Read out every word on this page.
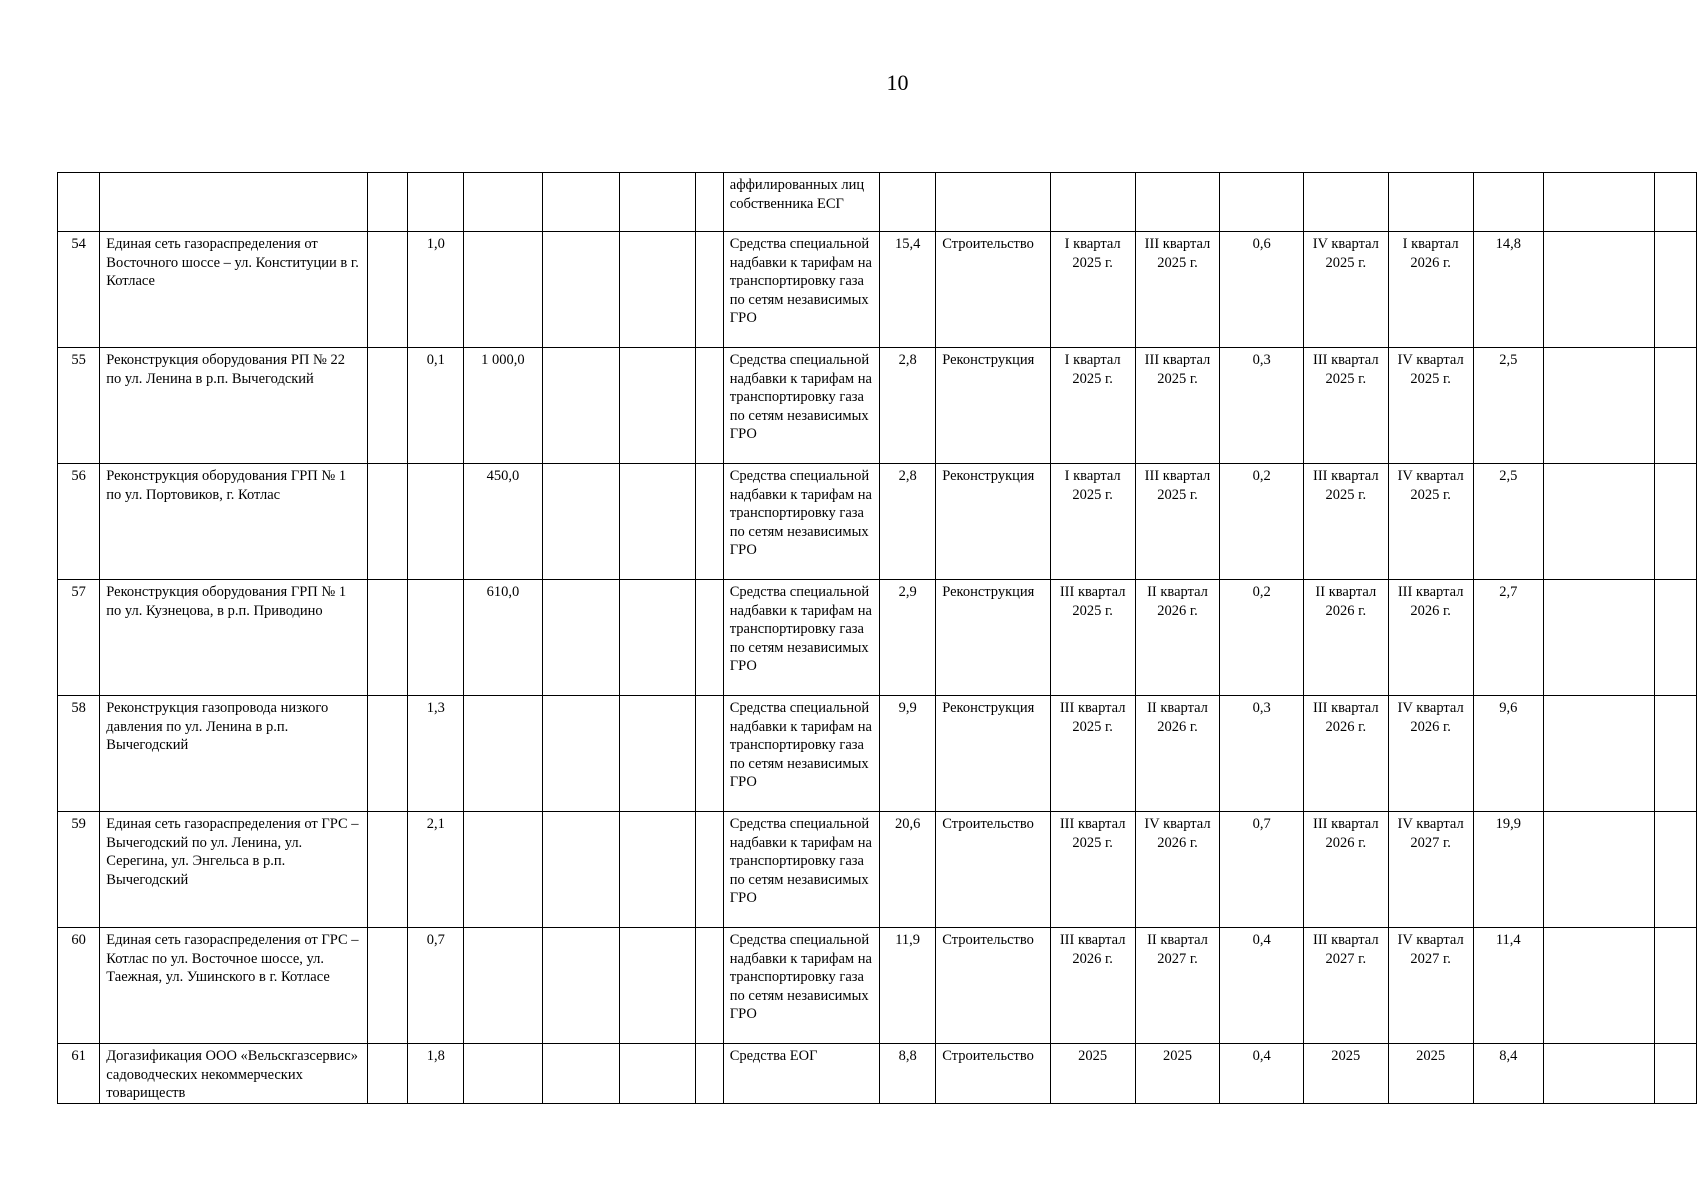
10
								аффилированных лиц собственника ЕСГ										
54	Единая сеть газораспределения от Восточного шоссе – ул. Конституции в г. Котласе		1,0					Средства специальной надбавки к тарифам на транспортировку газа по сетям независимых ГРО	15,4	Строительство	I квартал 2025 г.	III квартал 2025 г.	0,6	IV квартал 2025 г.	I квартал 2026 г.	14,8		
55	Реконструкция оборудования РП № 22 по ул. Ленина в р.п. Вычегодский		0,1	1 000,0				Средства специальной надбавки к тарифам на транспортировку газа по сетям независимых ГРО	2,8	Реконструкция	I квартал 2025 г.	III квартал 2025 г.	0,3	III квартал 2025 г.	IV квартал 2025 г.	2,5		
56	Реконструкция оборудования ГРП № 1 по ул. Портовиков, г. Котлас			450,0				Средства специальной надбавки к тарифам на транспортировку газа по сетям независимых ГРО	2,8	Реконструкция	I квартал 2025 г.	III квартал 2025 г.	0,2	III квартал 2025 г.	IV квартал 2025 г.	2,5		
57	Реконструкция оборудования ГРП № 1 по ул. Кузнецова, в р.п. Приводино			610,0				Средства специальной надбавки к тарифам на транспортировку газа по сетям независимых ГРО	2,9	Реконструкция	III квартал 2025 г.	II квартал 2026 г.	0,2	II квартал 2026 г.	III квартал 2026 г.	2,7		
58	Реконструкция газопровода низкого давления по ул. Ленина в р.п. Вычегодский		1,3					Средства специальной надбавки к тарифам на транспортировку газа по сетям независимых ГРО	9,9	Реконструкция	III квартал 2025 г.	II квартал 2026 г.	0,3	III квартал 2026 г.	IV квартал 2026 г.	9,6		
59	Единая сеть газораспределения от ГРС – Вычегодский по ул. Ленина, ул. Серегина, ул. Энгельса в р.п. Вычегодский		2,1					Средства специальной надбавки к тарифам на транспортировку газа по сетям независимых ГРО	20,6	Строительство	III квартал 2025 г.	IV квартал 2026 г.	0,7	III квартал 2026 г.	IV квартал 2027 г.	19,9		
60	Единая сеть газораспределения от ГРС – Котлас по ул. Восточное шоссе, ул. Таежная, ул. Ушинского в г. Котласе		0,7					Средства специальной надбавки к тарифам на транспортировку газа по сетям независимых ГРО	11,9	Строительство	III квартал 2026 г.	II квартал 2027 г.	0,4	III квартал 2027 г.	IV квартал 2027 г.	11,4		
61	Догазификация ООО «Вельскгазсервис» садоводческих некоммерческих товариществ		1,8					Средства ЕОГ	8,8	Строительство	2025	2025	0,4	2025	2025	8,4		
